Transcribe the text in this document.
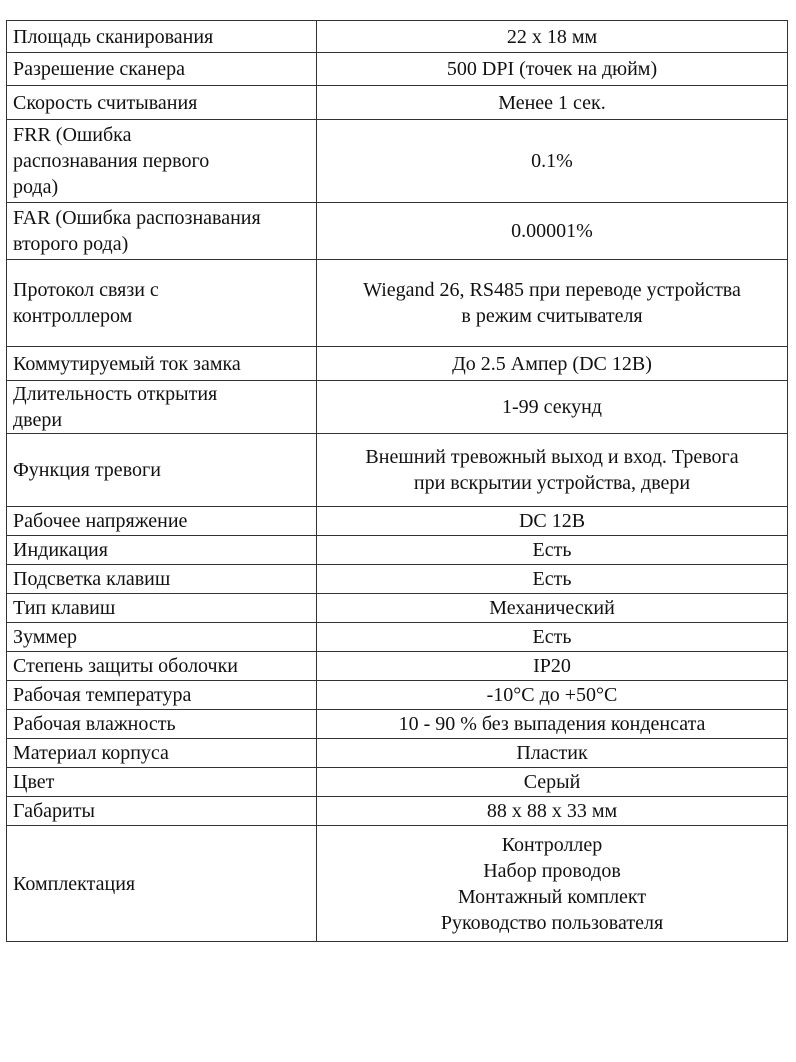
Площадь сканирования	22 x 18 мм

Разрешение сканера	500 DPI (точек на дюйм)

Скорость считывания	Менее 1 сек.

FRR (Ошибка распознавания первого рода)	0.1%

FAR (Ошибка распознавания второго рода)	0.00001%

Протокол связи с контроллером	Wiegand 26, RS485 при переводе устройства
в режим считывателя

Коммутируемый ток замка	До 2.5 Ампер (DC 12В)

Длительность открытия двери	1-99 секунд

Функция тревоги	Внешний тревожный выход и вход. Тревога
при вскрытии устройства, двери

Рабочее напряжение	DC 12В

Индикация	Есть

Подсветка клавиш	Есть

Тип клавиш	Механический

Зуммер	Есть

Степень защиты оболочки	IP20

Рабочая температура	-10°C до +50°C

Рабочая влажность	10 - 90 % без выпадения конденсата

Материал корпуса	Пластик

Цвет	Серый

Габариты	88 x 88 x 33 мм

Комплектация	Контроллер
Набор проводов
Монтажный комплект
Руководство пользователя
